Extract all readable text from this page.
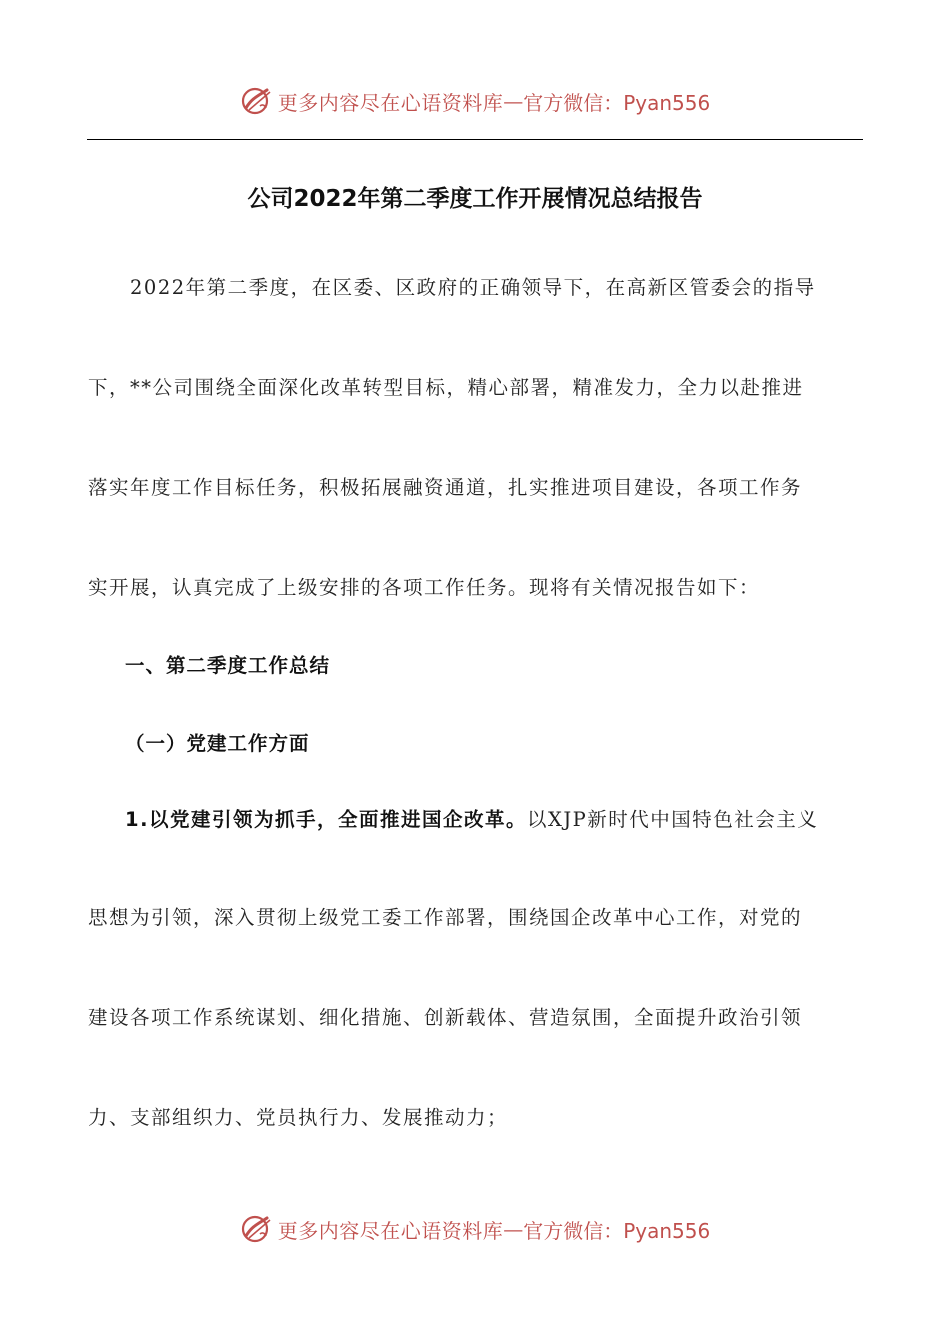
更多内容尽在心语资料库 — 官方微信：Pyan556
公司2022年第二季度工作开展情况总结报告
　　2022年第二季度，在区委、区政府的正确领导下，在高新区管委会的指导
下，**公司围绕全面深化改革转型目标，精心部署，精准发力，全力以赴推进
落实年度工作目标任务，积极拓展融资通道，扎实推进项目建设，各项工作务
实开展，认真完成了上级安排的各项工作任务。现将有关情况报告如下：
一、第二季度工作总结
（一）党建工作方面
1.以党建引领为抓手，全面推进国企改革。以XJP新时代中国特色社会主义
思想为引领，深入贯彻上级党工委工作部署，围绕国企改革中心工作，对党的
建设各项工作系统谋划、细化措施、创新载体、营造氛围，全面提升政治引领
力、支部组织力、党员执行力、发展推动力；
更多内容尽在心语资料库 — 官方微信：Pyan556
